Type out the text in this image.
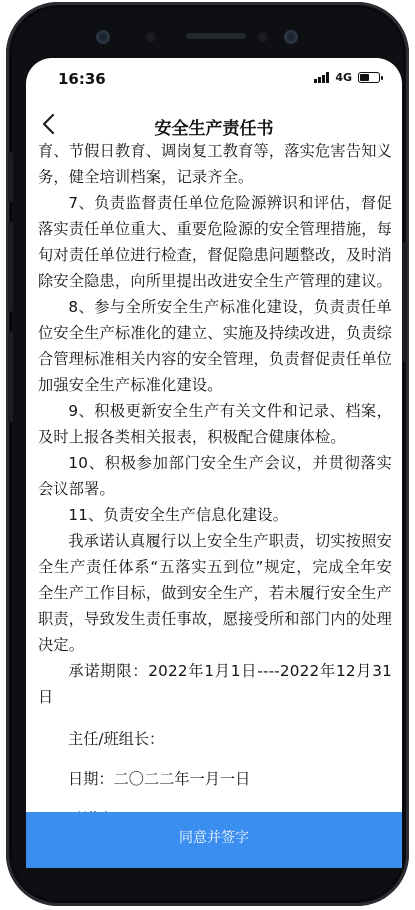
16:36	4G
安全生产责任书

育、节假日教育、调岗复工教育等，落实危害告知义务，健全培训档案，记录齐全。

7、负责监督责任单位危险源辨识和评估，督促落实责任单位重大、重要危险源的安全管理措施，每旬对责任单位进行检查，督促隐患问题整改，及时消除安全隐患，向所里提出改进安全生产管理的建议。

8、参与全所安全生产标准化建设，负责责任单位安全生产标准化的建立、实施及持续改进，负责综合管理标准相关内容的安全管理，负责督促责任单位加强安全生产标准化建设。

9、积极更新安全生产有关文件和记录、档案，及时上报各类相关报表，积极配合健康体检。

10、积极参加部门安全生产会议，并贯彻落实会议部署。

11、负责安全生产信息化建设。

我承诺认真履行以上安全生产职责，切实按照安全生产责任体系“五落实五到位”规定，完成全年安全生产工作目标，做到安全生产，若未履行安全生产职责，导致发生责任事故，愿接受所和部门内的处理决定。

承诺期限：2022年1月1日----2022年12月31日

主任/班组长：
日期：二〇二二年一月一日
同意并签字
